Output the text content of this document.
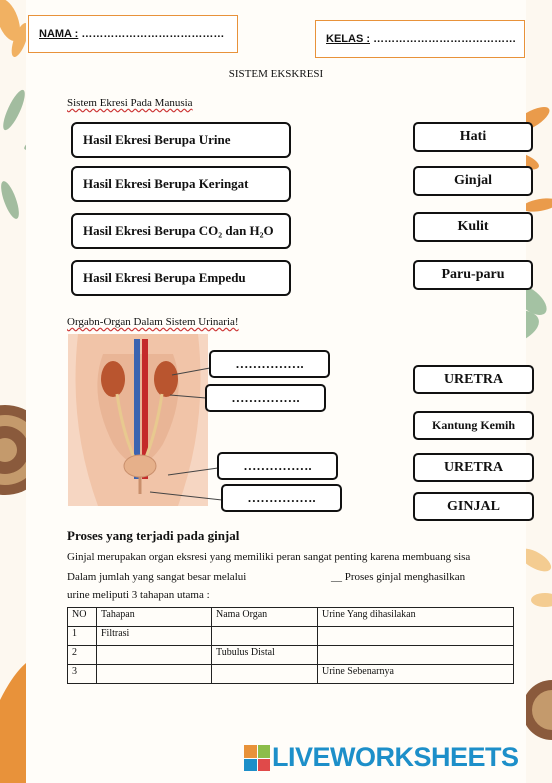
NAMA : …………………………………	KELAS : …………………………………
SISTEM EKSKRESI
Sistem Ekresi Pada Manusia
Hasil Ekresi Berupa Urine
Hasil Ekresi Berupa Keringat
Hasil Ekresi Berupa CO₂ dan H₂O
Hasil Ekresi Berupa Empedu
Hati
Ginjal
Kulit
Paru-paru
Orgabn-Organ Dalam Sistem Urinaria!
…………….
…………….
…………….
…………….
URETRA
Kantung Kemih
URETRA
GINJAL
Proses yang terjadi pada ginjal
Ginjal merupakan organ eksresi yang memiliki peran sangat penting karena membuang sisa
Dalam jumlah yang sangat besar melalui	__ Proses ginjal menghasilkan
urine meliputi 3 tahapan utama :
NO	Tahapan	Nama Organ	Urine Yang dihasilakan
1	Filtrasi		
2		Tubulus Distal	
3			Urine Sebenarnya
LIVEWORKSHEETS
